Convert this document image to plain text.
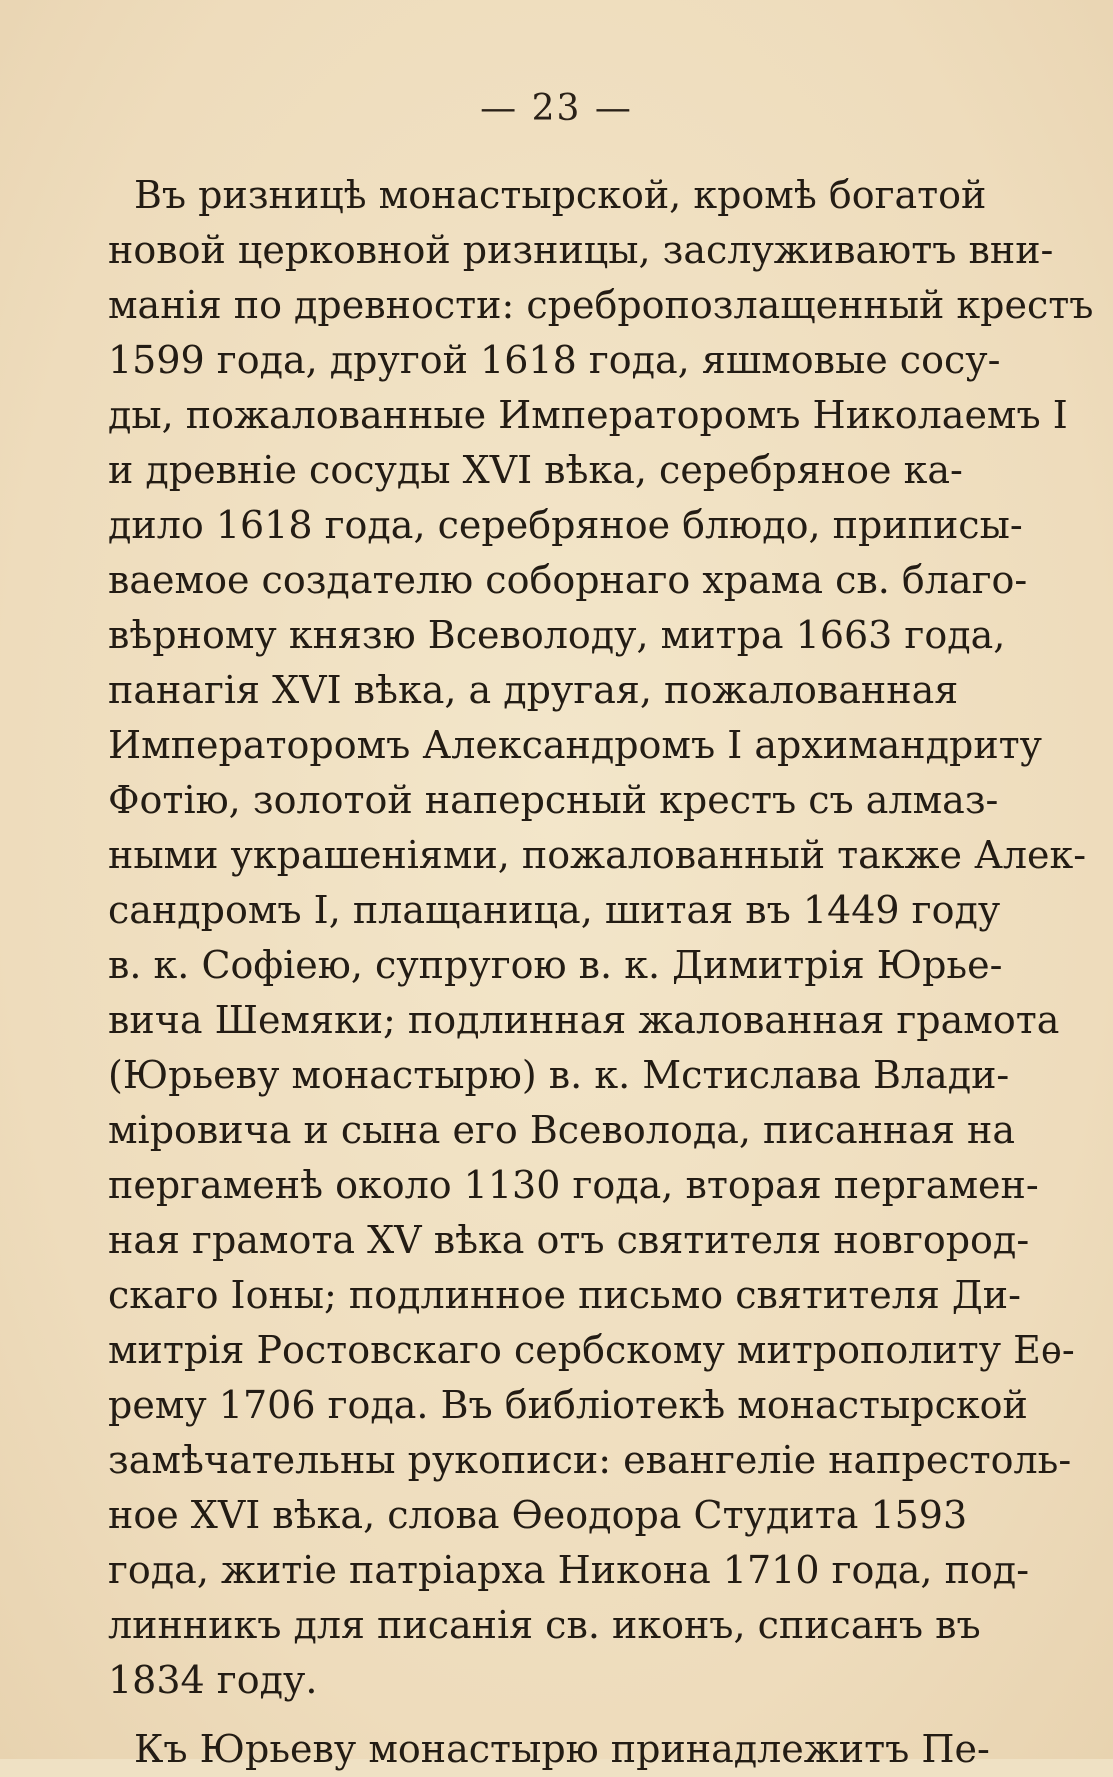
— 23 —
Въ ризницѣ монастырской, кромѣ богатой
новой церковной ризницы, заслуживаютъ вни-
манія по древности: сребропозлащенный крестъ
1599 года, другой 1618 года, яшмовые сосу-
ды, пожалованные Императоромъ Николаемъ I
и древніе сосуды XVI вѣка, серебряное ка-
дило 1618 года, серебряное блюдо, приписы-
ваемое создателю соборнаго храма св. благо-
вѣрному князю Всеволоду, митра 1663 года,
панагія XVI вѣка, а другая, пожалованная
Императоромъ Александромъ I архимандриту
Фотію, золотой наперсный крестъ съ алмаз-
ными украшеніями, пожалованный также Алек-
сандромъ I, плащаница, шитая въ 1449 году
в. к. Софіею, супругою в. к. Димитрія Юрье-
вича Шемяки; подлинная жалованная грамота
(Юрьеву монастырю) в. к. Мстислава Влади-
міровича и сына его Всеволода, писанная на
пергаменѣ около 1130 года, вторая пергамен-
ная грамота XV вѣка отъ святителя новгород-
скаго Іоны; подлинное письмо святителя Ди-
митрія Ростовскаго сербскому митрополиту Еѳ-
рему 1706 года. Въ библіотекѣ монастырской
замѣчательны рукописи: евангеліе напрестоль-
ное XVI вѣка, слова Ѳеодора Студита 1593
года, житіе патріарха Никона 1710 года, под-
линникъ для писанія св. иконъ, списанъ въ
1834 году.
Къ Юрьеву монастырю принадлежитъ Пе-
